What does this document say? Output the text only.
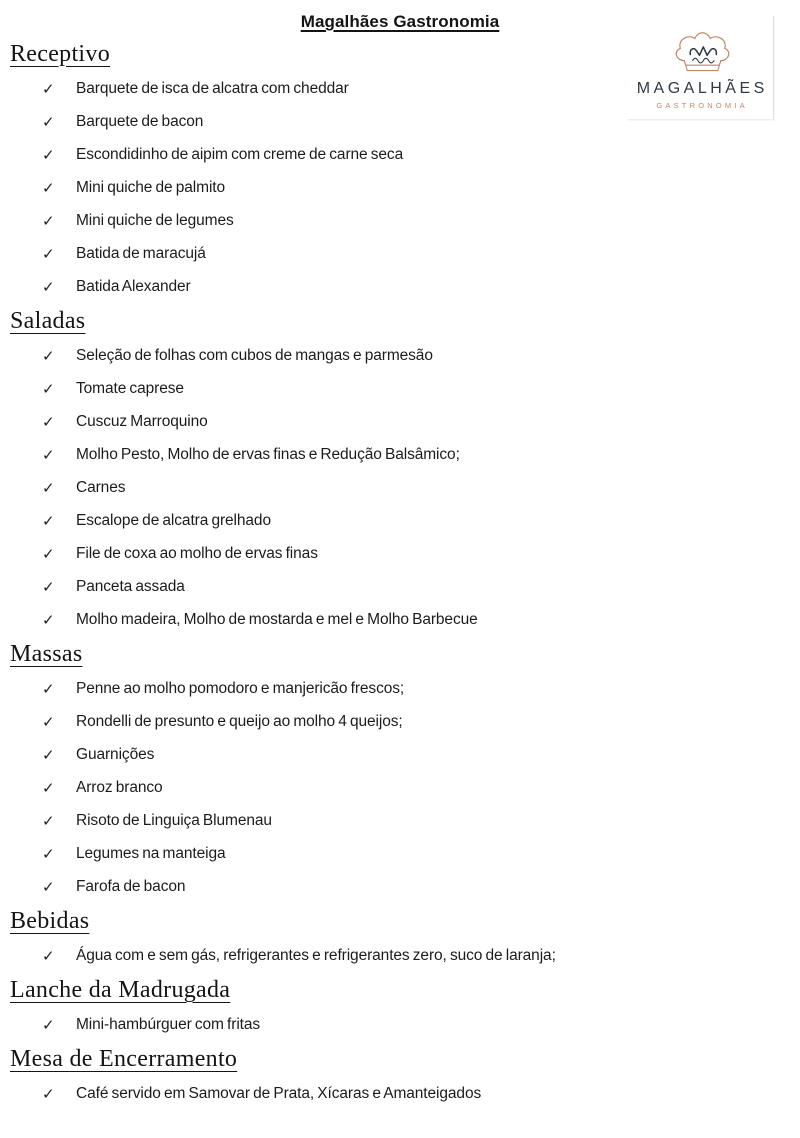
Magalhães Gastronomia
MAGALHÃES
GASTRONOMIA
Receptivo
✓ Barquete de isca de alcatra com cheddar
✓ Barquete de bacon
✓ Escondidinho de aipim com creme de carne seca
✓ Mini quiche de palmito
✓ Mini quiche de legumes
✓ Batida de maracujá
✓ Batida Alexander
Saladas
✓ Seleção de folhas com cubos de mangas e parmesão
✓ Tomate caprese
✓ Cuscuz Marroquino
✓ Molho Pesto, Molho de ervas finas e Redução Balsâmico;
✓ Carnes
✓ Escalope de alcatra grelhado
✓ File de coxa ao molho de ervas finas
✓ Panceta assada
✓ Molho madeira, Molho de mostarda e mel e Molho Barbecue
Massas
✓ Penne ao molho pomodoro e manjericão frescos;
✓ Rondelli de presunto e queijo ao molho 4 queijos;
✓ Guarnições
✓ Arroz branco
✓ Risoto de Linguiça Blumenau
✓ Legumes na manteiga
✓ Farofa de bacon
Bebidas
✓ Água com e sem gás, refrigerantes e refrigerantes zero, suco de laranja;
Lanche da Madrugada
✓ Mini-hambúrguer com fritas
Mesa de Encerramento
✓ Café servido em Samovar de Prata, Xícaras e Amanteigados
